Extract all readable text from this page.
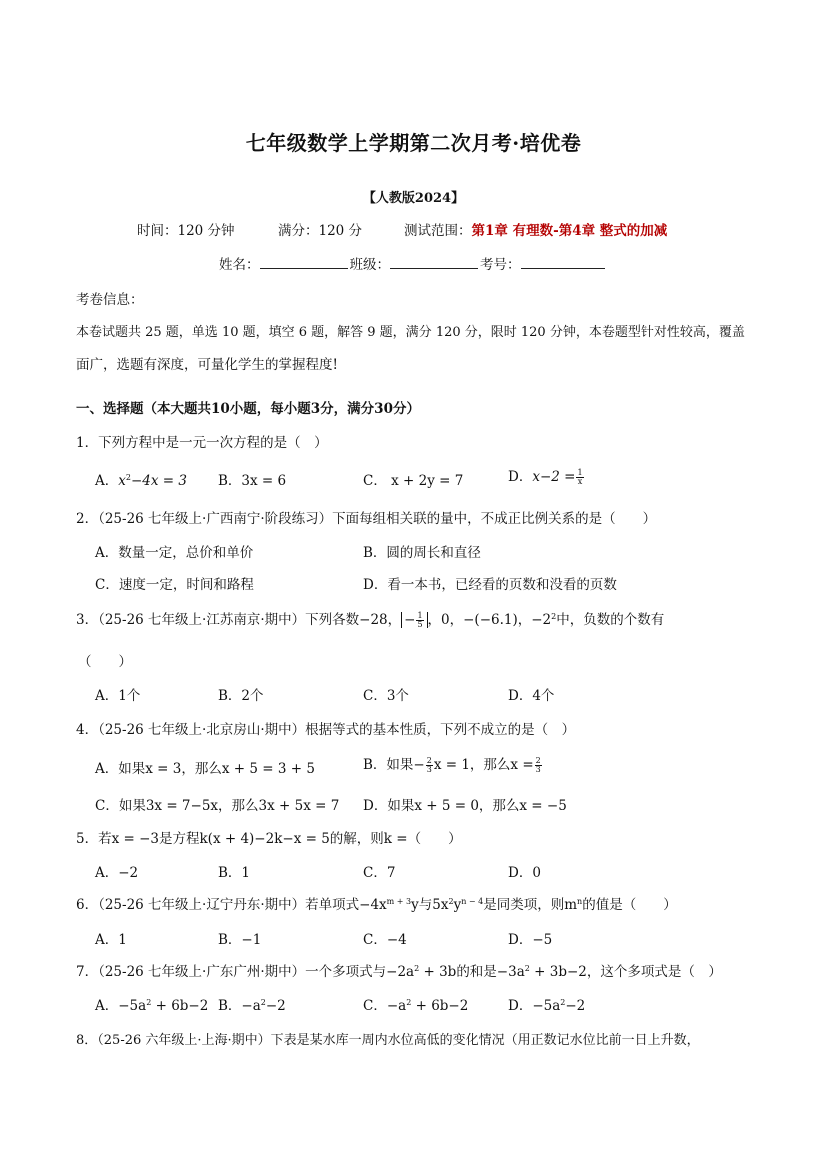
七年级数学上学期第二次月考·培优卷
【人教版2024】
时间：120 分钟	满分：120 分	测试范围：第1章 有理数-第4章 整式的加减
姓名：	班级：	考号：
考卷信息：
本卷试题共 25 题，单选 10 题，填空 6 题，解答 9 题，满分 120 分，限时 120 分钟，本卷题型针对性较高，覆盖
面广，选题有深度，可量化学生的掌握程度!
一、选择题（本大题共10小题，每小题3分，满分30分）
1．下列方程中是一元一次方程的是（　）
A．$x^2-4x = 3$ B．3x = 6	C． x + 2y = 7	D．$x-2 = \frac{1}{x}$
2．（25-26 七年级上·广西南宁·阶段练习）下面每组相关联的量中，不成正比例关系的是（　　）
A．数量一定，总价和单价	B．圆的周长和直径
C．速度一定，时间和路程	D．看一本书，已经看的页数和没看的页数
3．（25-26 七年级上·江苏南京·期中）下列各数−28， − $\frac{1}{5}$ ，0，−(−6.1)，$-2^2$中，负数的个数有
（　　）
A．1个	B．2个	C．3个	D．4个
4．（25-26 七年级上·北京房山·期中）根据等式的基本性质，下列不成立的是（　）
A．如果x = 3，那么x + 5 = 3 + 5	B．如果− $\frac{2}{3}$ x = 1，那么$x = \frac{2}{3}$
C．如果3x = 7−5x，那么3x + 5x = 7 D．如果x + 5 = 0，那么x = −5
5．若x = −3是方程k(x + 4)−2k−x = 5的解，则k =（　　）
A．−2	B．1	C．7	D．0
6．（25-26 七年级上·辽宁丹东·期中）若单项式$-4x^{m + 3}y$与$5x^2y^{n - 4}$是同类项，则$m^n$的值是（　　）
A．1	B．−1	C．−4	D．−5
7．（25-26 七年级上·广东广州·期中）一个多项式与$-2a^2 + 3b$的和是$-3a^2 + 3b-2$，这个多项式是（　）
A．$-5a^2 + 6b-2$ B．$-a^2-2$	C．$-a^2 + 6b-2$	D．$-5a^2-2$
8．（25-26 六年级上·上海·期中）下表是某水库一周内水位高低的变化情况（用正数记水位比前一日上升数，
